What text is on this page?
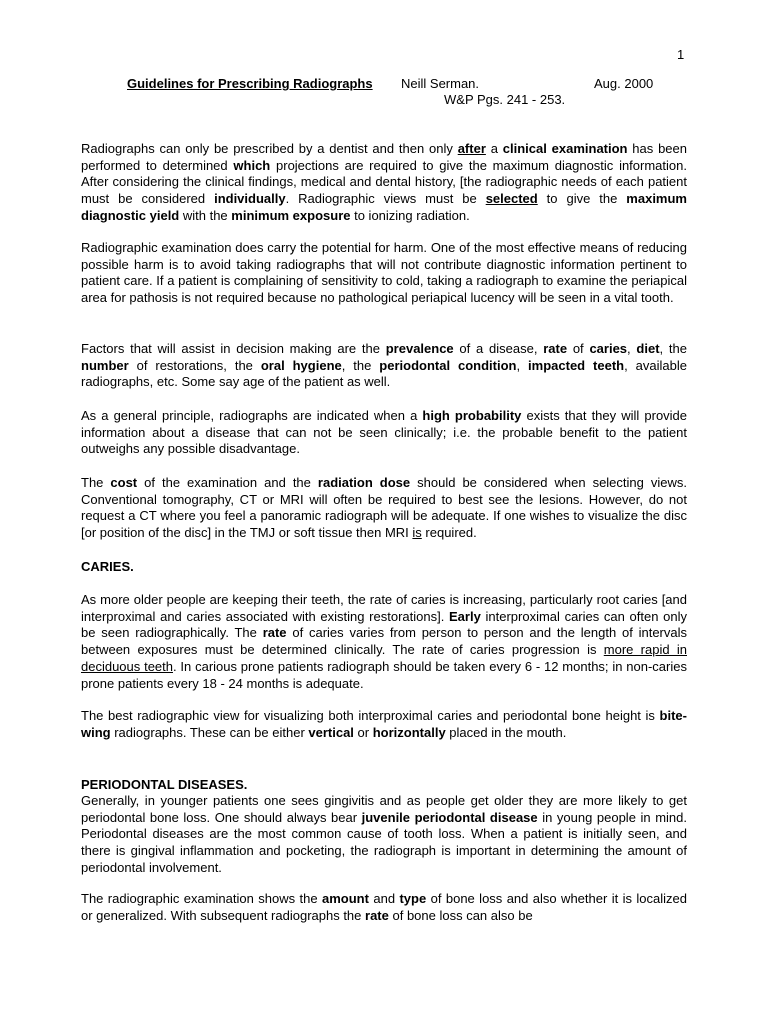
1
Guidelines for Prescribing Radiographs Neill Serman.	Aug. 2000
W&P Pgs. 241 - 253.

Radiographs can only be prescribed by a dentist and then only after a clinical examination has been performed to determined which projections are required to give the maximum diagnostic information. After considering the clinical findings, medical and dental history, [the radiographic needs of each patient must be considered individually. Radiographic views must be selected to give the maximum diagnostic yield with the minimum exposure to ionizing radiation.

Radiographic examination does carry the potential for harm. One of the most effective means of reducing possible harm is to avoid taking radiographs that will not contribute diagnostic information pertinent to patient care. If a patient is complaining of sensitivity to cold, taking a radiograph to examine the periapical area for pathosis is not required because no pathological periapical lucency will be seen in a vital tooth.

Factors that will assist in decision making are the prevalence of a disease, rate of caries, diet, the number of restorations, the oral hygiene, the periodontal condition, impacted teeth, available radiographs, etc. Some say age of the patient as well.

As a general principle, radiographs are indicated when a high probability exists that they will provide information about a disease that can not be seen clinically; i.e. the probable benefit to the patient outweighs any possible disadvantage.

The cost of the examination and the radiation dose should be considered when selecting views. Conventional tomography, CT or MRI will often be required to best see the lesions. However, do not request a CT where you feel a panoramic radiograph will be adequate. If one wishes to visualize the disc [or position of the disc] in the TMJ or soft tissue then MRI is required.

CARIES.

As more older people are keeping their teeth, the rate of caries is increasing, particularly root caries [and interproximal and caries associated with existing restorations]. Early interproximal caries can often only be seen radiographically. The rate of caries varies from person to person and the length of intervals between exposures must be determined clinically. The rate of caries progression is more rapid in deciduous teeth. In carious prone patients radiograph should be taken every 6 - 12 months; in non-caries prone patients every 18 - 24 months is adequate.

The best radiographic view for visualizing both interproximal caries and periodontal bone height is bite-wing radiographs. These can be either vertical or horizontally placed in the mouth.

PERIODONTAL DISEASES.

Generally, in younger patients one sees gingivitis and as people get older they are more likely to get periodontal bone loss. One should always bear juvenile periodontal disease in young people in mind. Periodontal diseases are the most common cause of tooth loss. When a patient is initially seen, and there is gingival inflammation and pocketing, the radiograph is important in determining the amount of periodontal involvement.

The radiographic examination shows the amount and type of bone loss and also whether it is localized or generalized. With subsequent radiographs the rate of bone loss can also be
